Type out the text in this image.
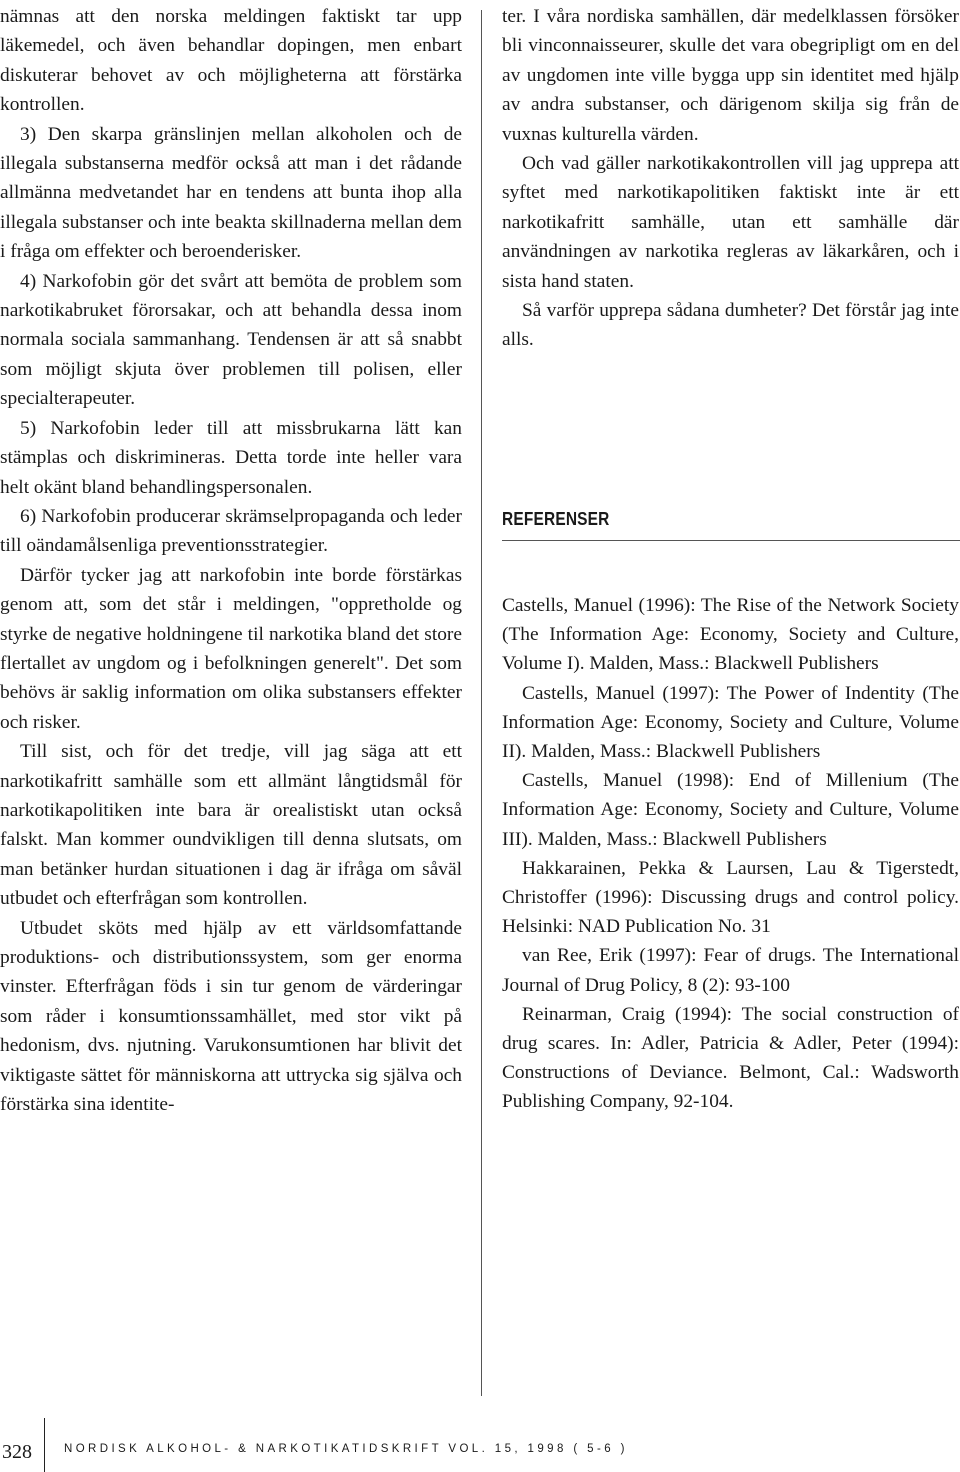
nämnas att den norska meldingen faktiskt tar upp läkemedel, och även behandlar dopingen, men enbart diskuterar behovet av och möjligheterna att förstärka kontrollen.

3) Den skarpa gränslinjen mellan alkoholen och de illegala substanserna medför också att man i det rådande allmänna medvetandet har en tendens att bunta ihop alla illegala substanser och inte beakta skillnaderna mellan dem i fråga om effekter och beroenderisker.

4) Narkofobin gör det svårt att bemöta de problem som narkotikabruket förorsakar, och att behandla dessa inom normala sociala sammanhang. Tendensen är att så snabbt som möjligt skjuta över problemen till polisen, eller specialterapeuter.

5) Narkofobin leder till att missbrukarna lätt kan stämplas och diskrimineras. Detta torde inte heller vara helt okänt bland behandlingspersonalen.

6) Narkofobin producerar skrämselpropaganda och leder till oändamålsenliga preventionsstrategier.

Därför tycker jag att narkofobin inte borde förstärkas genom att, som det står i meldingen, "oppretholde og styrke de negative holdningene til narkotika bland det store flertallet av ungdom og i befolkningen generelt". Det som behövs är saklig information om olika substansers effekter och risker.

Till sist, och för det tredje, vill jag säga att ett narkotikafritt samhälle som ett allmänt långtidsmål för narkotikapolitiken inte bara är orealistiskt utan också falskt. Man kommer oundvikligen till denna slutsats, om man betänker hurdan situationen i dag är ifråga om såväl utbudet och efterfrågan som kontrollen.

Utbudet sköts med hjälp av ett världsomfattande produktions- och distributionssystem, som ger enorma vinster. Efterfrågan föds i sin tur genom de värderingar som råder i konsumtionssamhället, med stor vikt på hedonism, dvs. njutning. Varukonsumtionen har blivit det viktigaste sättet för människorna att uttrycka sig själva och förstärka sina identite-

ter. I våra nordiska samhällen, där medelklassen försöker bli vinconnaisseurer, skulle det vara obegripligt om en del av ungdomen inte ville bygga upp sin identitet med hjälp av andra substanser, och därigenom skilja sig från de vuxnas kulturella värden.

Och vad gäller narkotikakontrollen vill jag upprepa att syftet med narkotikapolitiken faktiskt inte är ett narkotikafritt samhälle, utan ett samhälle där användningen av narkotika regleras av läkarkåren, och i sista hand staten.

Så varför upprepa sådana dumheter? Det förstår jag inte alls.

REFERENSER

Castells, Manuel (1996): The Rise of the Network Society (The Information Age: Economy, Society and Culture, Volume I). Malden, Mass.: Blackwell Publishers

Castells, Manuel (1997): The Power of Indentity (The Information Age: Economy, Society and Culture, Volume II). Malden, Mass.: Blackwell Publishers

Castells, Manuel (1998): End of Millenium (The Information Age: Economy, Society and Culture, Volume III). Malden, Mass.: Blackwell Publishers

Hakkarainen, Pekka & Laursen, Lau & Tigerstedt, Christoffer (1996): Discussing drugs and control policy. Helsinki: NAD Publication No. 31

van Ree, Erik (1997): Fear of drugs. The International Journal of Drug Policy, 8 (2): 93-100

Reinarman, Craig (1994): The social construction of drug scares. In: Adler, Patricia & Adler, Peter (1994): Constructions of Deviance. Belmont, Cal.: Wadsworth Publishing Company, 92-104.

328	NORDISK ALKOHOL- & NARKOTIKATIDSKRIFT VOL. 15, 1998 ( 5-6 )
